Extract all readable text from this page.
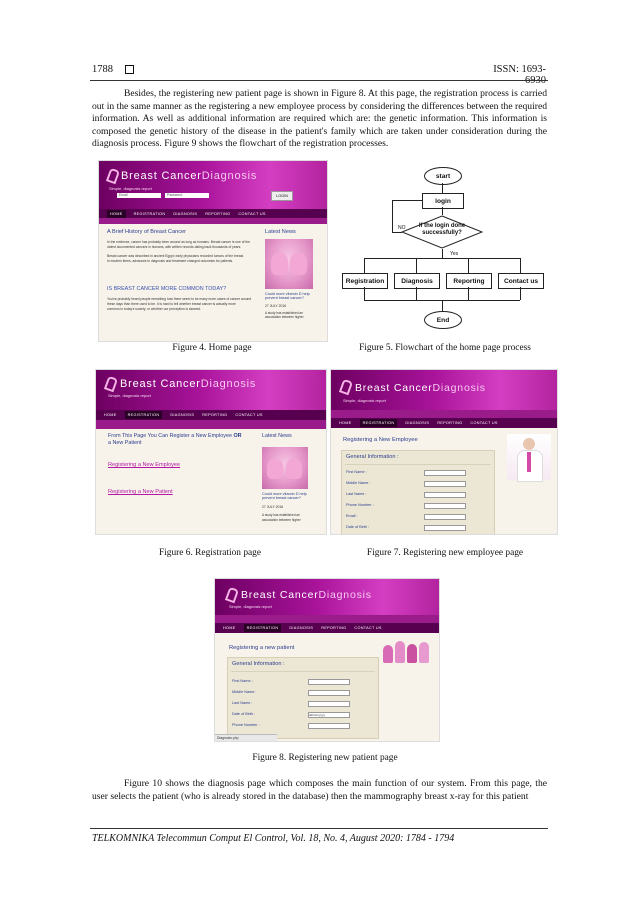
1788	ISSN: 1693-

Besides, the registering new patient page is shown in Figure 8. At this page, the registration process is carried out in the same manner as the registering a new employee process by considering the differences between the required information. As well as additional information are required which are: the genetic information. This information is composed the genetic history of the disease in the patient's family which are taken under consideration during the diagnosis process. Figure 9 shows the flowchart of the registration processes.

Breast CancerDiagnosis
Simple, diagnosis report
Email	Password	LOGIN
HOME	REGISTRATION DIAGNOSIS REPORTING CONTACT US
A Brief History of Breast Cancer
In the evidence, cancer has probably been around as long as humans. Breast cancer is one of the
oldest documented cancers in humans, with written records dating back thousands of years.
Breast cancer was described in ancient Egypt; early physicians recorded tumors of the breast.
In modern times, advances in diagnosis and treatment changed outcomes for patients.
IS BREAST CANCER MORE COMMON TODAY?
You've probably heard people remarking how there seem to be many more cases of cancer around
these days than there used to be. It is hard to tell whether breast cancer is actually more
common in today's society, or whether our perception is skewed.
Latest News
Could more vitamin D help prevent breast cancer?
27 JULY 2016
A study has established an association between higher
start
login
If the login done successfully?
NO
Yes
Registration	Diagnosis	Reporting	Contact us
End
Figure 4. Home page	Figure 5. Flowchart of the home page process
Breast CancerDiagnosis
Simple, diagnosis report
HOME	REGISTRATION	DIAGNOSIS REPORTING CONTACT US
From This Page You Can Register a New Employee OR
a New Patient
Registering a New Employee
Registering a New Patient
Latest News
Could more vitamin D help prevent breast cancer?
27 JULY 2016
A study has established an
association between higher
Breast CancerDiagnosis
Simple, diagnosis report
HOME	REGISTRATION	DIAGNOSIS REPORTING CONTACT US
Registering a New Employee
General Information :
First Name :
Middle Name :
Last Name :
Phone Number :
Email :
Date of Birth :
Figure 6. Registration page	Figure 7. Registering new employee page
Breast CancerDiagnosis
Simple, diagnosis report
HOME	REGISTRATION	DIAGNOSIS REPORTING CONTACT US
Registering a new patient
General Information :
First Name :
Middle Name :
Last Name :
Date of Birth :	dd/mm/yyyy
Phone Number :
Diagnosis.php
Figure 8. Registering new patient page

Figure 10 shows the diagnosis page which composes the main function of our system. From this page, the user selects the patient (who is already stored in the database) then the mammography breast x-ray for this patient

TELKOMNIKA Telecommun Comput El Control, Vol. 18, No. 4, August 2020: 1784 - 1794
